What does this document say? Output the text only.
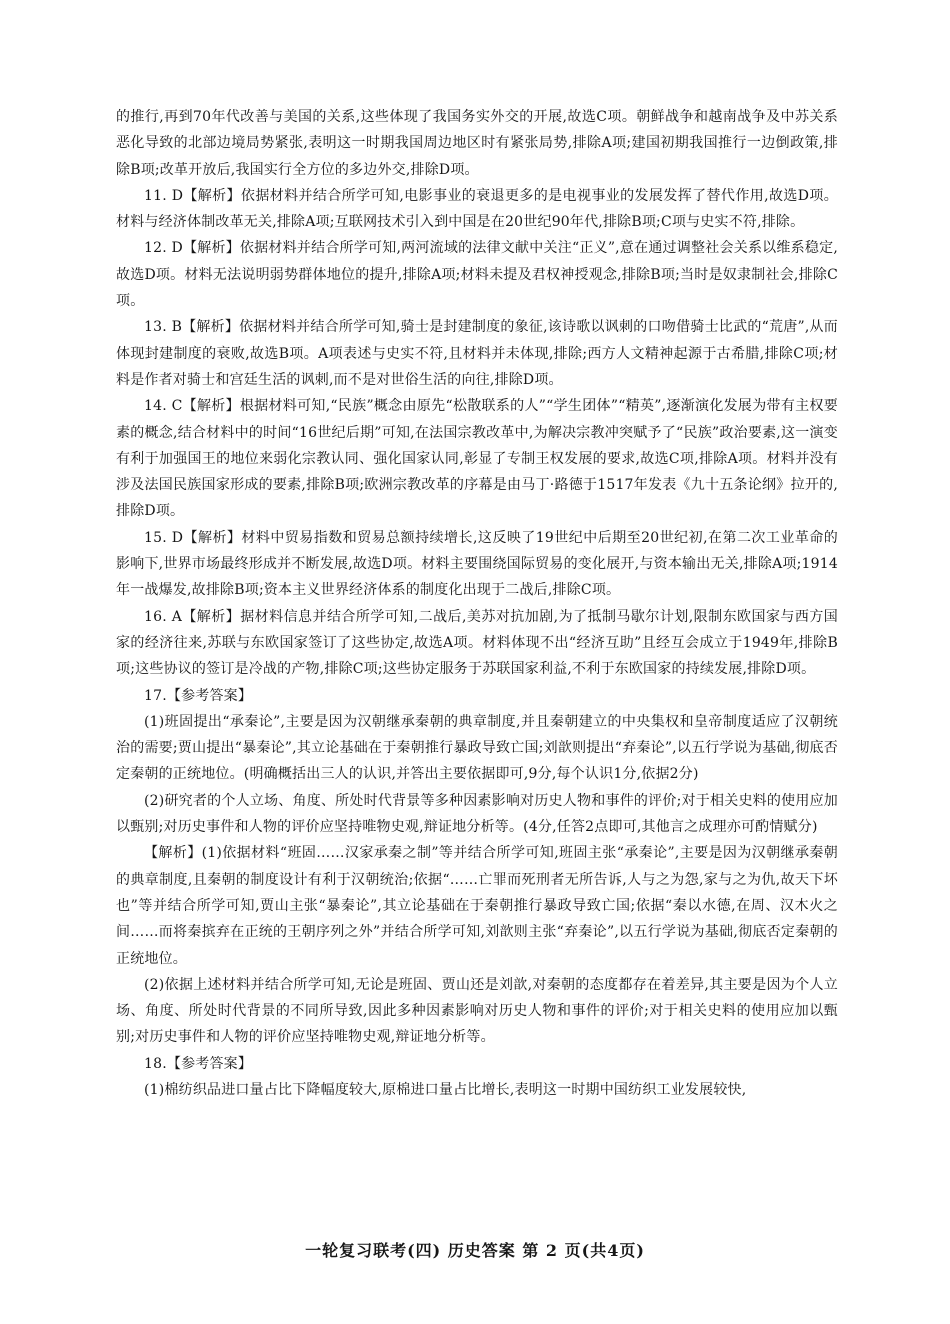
的推行,再到70年代改善与美国的关系,这些体现了我国务实外交的开展,故选C项。朝鲜战争和越南战争及中苏关系恶化导致的北部边境局势紧张,表明这一时期我国周边地区时有紧张局势,排除A项;建国初期我国推行一边倒政策,排除B项;改革开放后,我国实行全方位的多边外交,排除D项。

11. D【解析】依据材料并结合所学可知,电影事业的衰退更多的是电视事业的发展发挥了替代作用,故选D项。材料与经济体制改革无关,排除A项;互联网技术引入到中国是在20世纪90年代,排除B项;C项与史实不符,排除。

12. D【解析】依据材料并结合所学可知,两河流域的法律文献中关注“正义”,意在通过调整社会关系以维系稳定,故选D项。材料无法说明弱势群体地位的提升,排除A项;材料未提及君权神授观念,排除B项;当时是奴隶制社会,排除C项。

13. B【解析】依据材料并结合所学可知,骑士是封建制度的象征,该诗歌以讽刺的口吻借骑士比武的“荒唐”,从而体现封建制度的衰败,故选B项。A项表述与史实不符,且材料并未体现,排除;西方人文精神起源于古希腊,排除C项;材料是作者对骑士和宫廷生活的讽刺,而不是对世俗生活的向往,排除D项。

14. C【解析】根据材料可知,“民族”概念由原先“松散联系的人”“学生团体”“精英”,逐渐演化发展为带有主权要素的概念,结合材料中的时间“16世纪后期”可知,在法国宗教改革中,为解决宗教冲突赋予了“民族”政治要素,这一演变有利于加强国王的地位来弱化宗教认同、强化国家认同,彰显了专制王权发展的要求,故选C项,排除A项。材料并没有涉及法国民族国家形成的要素,排除B项;欧洲宗教改革的序幕是由马丁·路德于1517年发表《九十五条论纲》拉开的,排除D项。

15. D【解析】材料中贸易指数和贸易总额持续增长,这反映了19世纪中后期至20世纪初,在第二次工业革命的影响下,世界市场最终形成并不断发展,故选D项。材料主要围绕国际贸易的变化展开,与资本输出无关,排除A项;1914年一战爆发,故排除B项;资本主义世界经济体系的制度化出现于二战后,排除C项。

16. A【解析】据材料信息并结合所学可知,二战后,美苏对抗加剧,为了抵制马歇尔计划,限制东欧国家与西方国家的经济往来,苏联与东欧国家签订了这些协定,故选A项。材料体现不出“经济互助”且经互会成立于1949年,排除B项;这些协议的签订是冷战的产物,排除C项;这些协定服务于苏联国家利益,不利于东欧国家的持续发展,排除D项。

17.【参考答案】

(1)班固提出“承秦论”,主要是因为汉朝继承秦朝的典章制度,并且秦朝建立的中央集权和皇帝制度适应了汉朝统治的需要;贾山提出“暴秦论”,其立论基础在于秦朝推行暴政导致亡国;刘歆则提出“弃秦论”,以五行学说为基础,彻底否定秦朝的正统地位。(明确概括出三人的认识,并答出主要依据即可,9分,每个认识1分,依据2分)

(2)研究者的个人立场、角度、所处时代背景等多种因素影响对历史人物和事件的评价;对于相关史料的使用应加以甄别;对历史事件和人物的评价应坚持唯物史观,辩证地分析等。(4分,任答2点即可,其他言之成理亦可酌情赋分)

【解析】(1)依据材料“班固……汉家承秦之制”等并结合所学可知,班固主张“承秦论”,主要是因为汉朝继承秦朝的典章制度,且秦朝的制度设计有利于汉朝统治;依据“……亡罪而死刑者无所告诉,人与之为怨,家与之为仇,故天下坏也”等并结合所学可知,贾山主张“暴秦论”,其立论基础在于秦朝推行暴政导致亡国;依据“秦以水德,在周、汉木火之间……而将秦摈弃在正统的王朝序列之外”并结合所学可知,刘歆则主张“弃秦论”,以五行学说为基础,彻底否定秦朝的正统地位。

(2)依据上述材料并结合所学可知,无论是班固、贾山还是刘歆,对秦朝的态度都存在着差异,其主要是因为个人立场、角度、所处时代背景的不同所导致,因此多种因素影响对历史人物和事件的评价;对于相关史料的使用应加以甄别;对历史事件和人物的评价应坚持唯物史观,辩证地分析等。

18.【参考答案】

(1)棉纺织品进口量占比下降幅度较大,原棉进口量占比增长,表明这一时期中国纺织工业发展较快,

一轮复习联考(四) 历史答案 第 2 页(共4页)
